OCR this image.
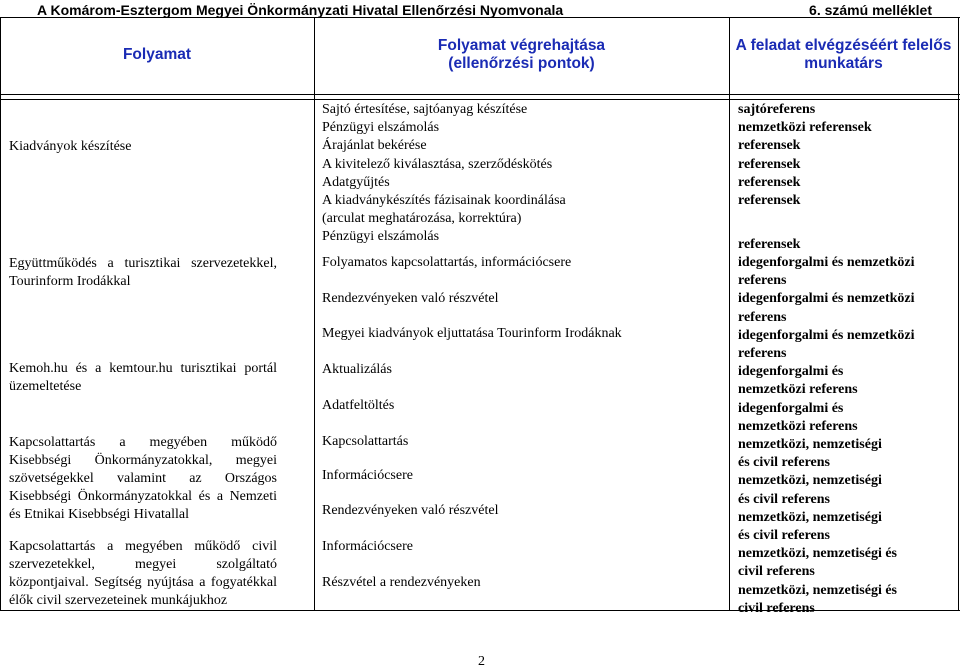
A Komárom-Esztergom Megyei Önkormányzati Hivatal Ellenőrzési Nyomvonala	6. számú melléklet
Folyamat
Folyamat végrehajtása
(ellenőrzési pontok)
A feladat elvégzéséért felelős
munkatárs
Kiadványok készítése
Együttműködés a turisztikai szervezetekkel,
Tourinform Irodákkal
Kemoh.hu és a kemtour.hu turisztikai portál
üzemeltetése
Kapcsolattartás a megyében működő
Kisebbségi Önkormányzatokkal, megyei
szövetségekkel valamint az Országos
Kisebbségi Önkormányzatokkal és a Nemzeti
és Etnikai Kisebbségi Hivatallal
Kapcsolattartás a megyében működő civil
szervezetekkel, megyei szolgáltató
központjaival. Segítség nyújtása a fogyatékkal
élők civil szervezeteinek munkájukhoz
Sajtó értesítése, sajtóanyag készítése
Pénzügyi elszámolás
Árajánlat bekérése
A kivitelező kiválasztása, szerződéskötés
Adatgyűjtés
A kiadványkészítés fázisainak koordinálása
(arculat meghatározása, korrektúra)
Pénzügyi elszámolás
Folyamatos kapcsolattartás, információcsere
Rendezvényeken való részvétel
Megyei kiadványok eljuttatása Tourinform Irodáknak
Aktualizálás
Adatfeltöltés
Kapcsolattartás
Információcsere
Rendezvényeken való részvétel
Információcsere
Részvétel a rendezvényeken
sajtóreferens
nemzetközi referensek
referensek
referensek
referensek
referensek
referensek
idegenforgalmi és nemzetközi
referens
idegenforgalmi és nemzetközi
referens
idegenforgalmi és nemzetközi
referens
idegenforgalmi és
nemzetközi referens
idegenforgalmi és
nemzetközi referens
nemzetközi, nemzetiségi
és civil referens
nemzetközi, nemzetiségi
és civil referens
nemzetközi, nemzetiségi
és civil referens
nemzetközi, nemzetiségi és
civil referens
nemzetközi, nemzetiségi és
civil referens
2
